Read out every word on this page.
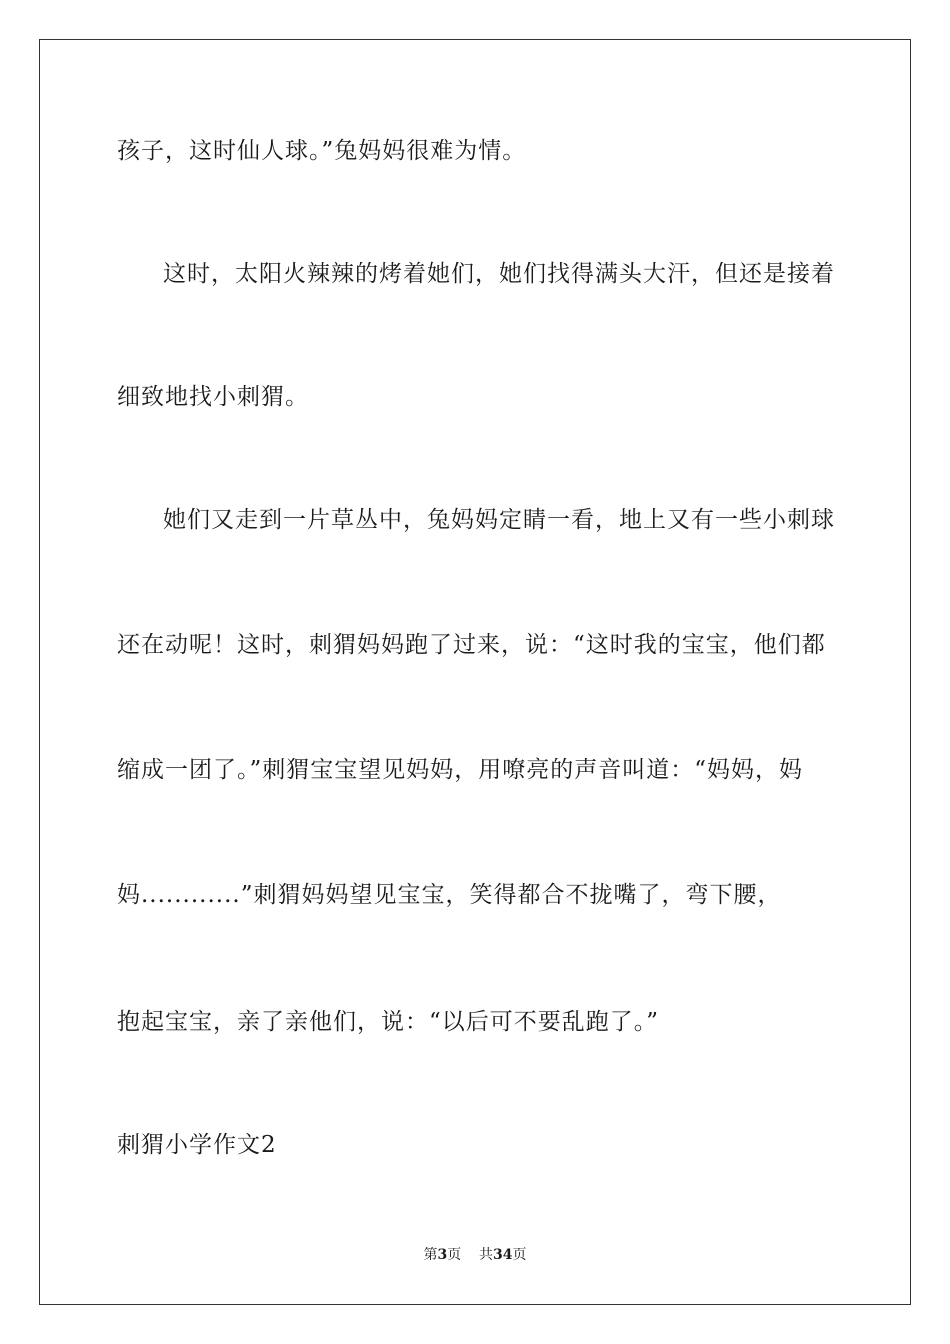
孩子，这时仙人球。”兔妈妈很难为情。
这时，太阳火辣辣的烤着她们，她们找得满头大汗，但还是接着
细致地找小刺猬。
她们又走到一片草丛中，兔妈妈定睛一看，地上又有一些小刺球
还在动呢！这时，刺猬妈妈跑了过来，说：“这时我的宝宝，他们都
缩成一团了。”刺猬宝宝望见妈妈，用嘹亮的声音叫道：“妈妈，妈
妈............”刺猬妈妈望见宝宝，笑得都合不拢嘴了，弯下腰，
抱起宝宝，亲了亲他们，说：“以后可不要乱跑了。”
刺猬小学作文2
第3页 共34页
